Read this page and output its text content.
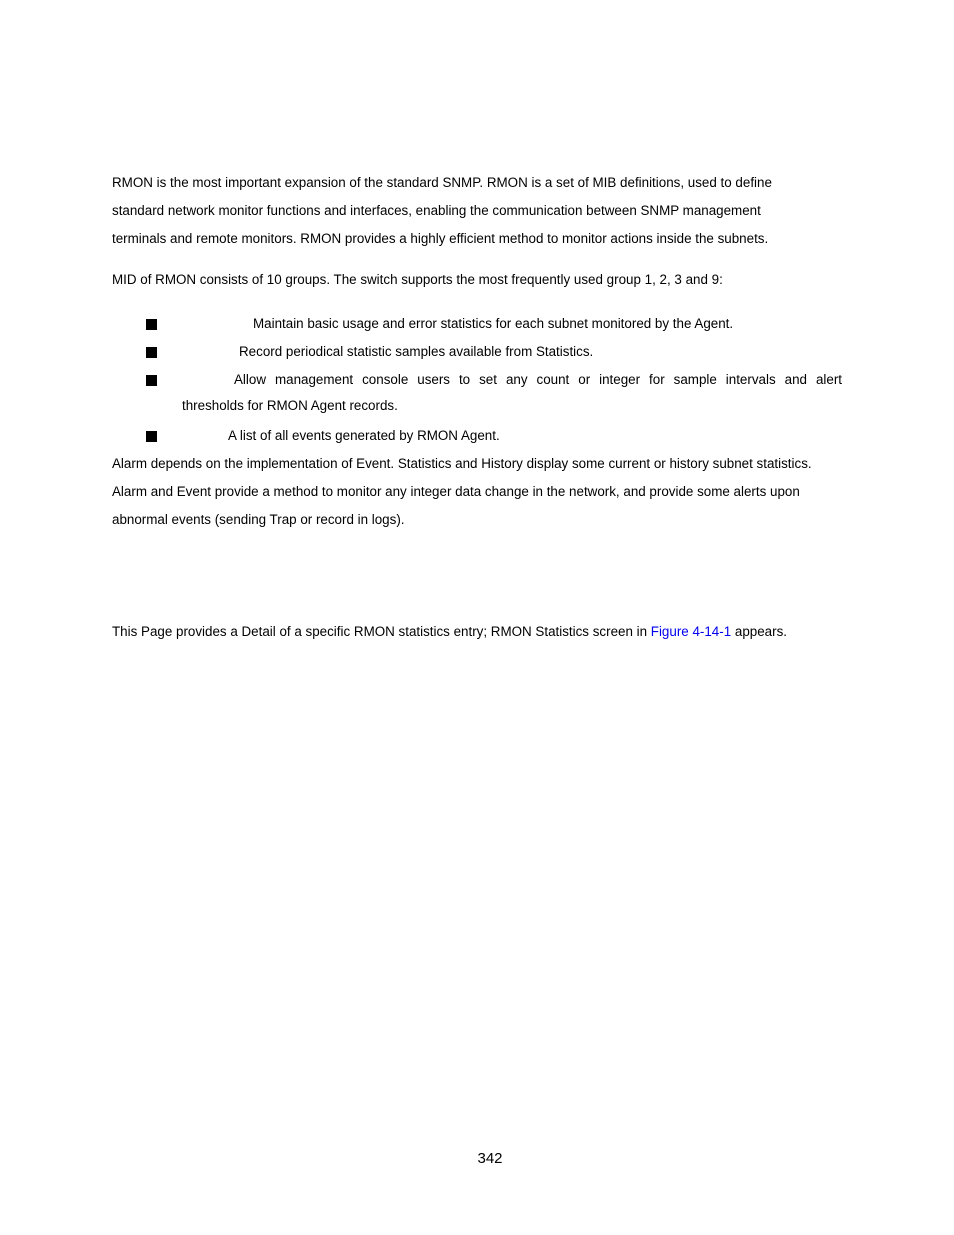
RMON is the most important expansion of the standard SNMP. RMON is a set of MIB definitions, used to define
standard network monitor functions and interfaces, enabling the communication between SNMP management
terminals and remote monitors. RMON provides a highly efficient method to monitor actions inside the subnets.

MID of RMON consists of 10 groups. The switch supports the most frequently used group 1, 2, 3 and 9:

Maintain basic usage and error statistics for each subnet monitored by the Agent.
Record periodical statistic samples available from Statistics.
Allow management console users to set any count or integer for sample intervals and alert
thresholds for RMON Agent records.
A list of all events generated by RMON Agent.

Alarm depends on the implementation of Event. Statistics and History display some current or history subnet statistics.
Alarm and Event provide a method to monitor any integer data change in the network, and provide some alerts upon
abnormal events (sending Trap or record in logs).

This Page provides a Detail of a specific RMON statistics entry; RMON Statistics screen in Figure 4-14-1 appears.

342
